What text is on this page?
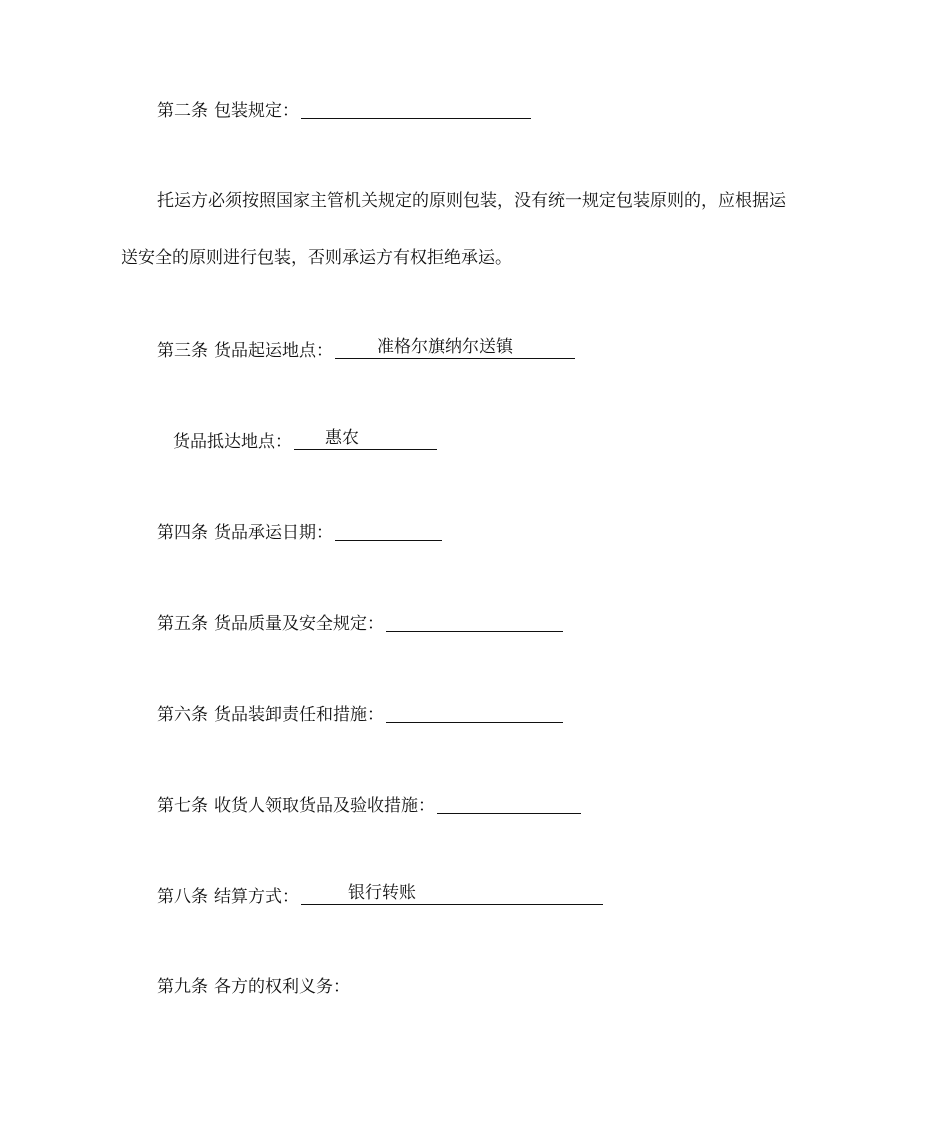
第二条 包装规定：
托运方必须按照国家主管机关规定的原则包装，没有统一规定包装原则的，应根据运
送安全的原则进行包装，否则承运方有权拒绝承运。
第三条 货品起运地点：	准格尔旗纳尔送镇
货品抵达地点： 惠农
第四条 货品承运日期：
第五条 货品质量及安全规定：
第六条 货品装卸责任和措施：
第七条 收货人领取货品及验收措施：
第八条 结算方式：	银行转账
第九条 各方的权利义务：
